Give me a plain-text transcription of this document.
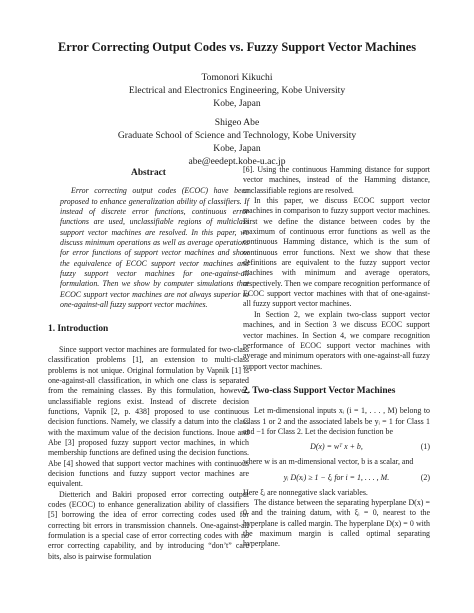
Error Correcting Output Codes vs. Fuzzy Support Vector Machines
Tomonori Kikuchi
Electrical and Electronics Engineering, Kobe University
Kobe, Japan
Shigeo Abe
Graduate School of Science and Technology, Kobe University
Kobe, Japan
abe@eedept.kobe-u.ac.jp
Abstract

Error correcting output codes (ECOC) have been proposed to enhance generalization ability of classifiers. If instead of discrete error functions, continuous error functions are used, unclassifiable regions of multiclass support vector machines are resolved. In this paper, we discuss minimum operations as well as average operations for error functions of support vector machines and show the equivalence of ECOC support vector machines and fuzzy support vector machines for one-against-all formulation. Then we show by computer simulations that ECOC support vector machines are not always superior to one-against-all fuzzy support vector machines.

1. Introduction

Since support vector machines are formulated for two-class classification problems [1], an extension to multi-class problems is not unique. Original formulation by Vapnik [1] is one-against-all classification, in which one class is separated from the remaining classes. By this formulation, however, unclassifiable regions exist. Instead of discrete decision functions, Vapnik [2, p. 438] proposed to use continuous decision functions. Namely, we classify a datum into the class with the maximum value of the decision functions. Inoue and Abe [3] proposed fuzzy support vector machines, in which membership functions are defined using the decision functions. Abe [4] showed that support vector machines with continuous decision functions and fuzzy support vector machines are equivalent.

Dietterich and Bakiri proposed error correcting output codes (ECOC) to enhance generalization ability of classifiers [5] borrowing the idea of error correcting codes used for correcting bit errors in transmission channels. One-against-all formulation is a special case of error correcting codes with no error correcting capability, and by introducing “don’t” care bits, also is pairwise formulation

[6]. Using the continuous Hamming distance for support vector machines, instead of the Hamming distance, unclassifiable regions are resolved.

In this paper, we discuss ECOC support vector machines in comparison to fuzzy support vector machines. First we define the distance between codes by the maximum of continuous error functions as well as the continuous Hamming distance, which is the sum of continuous error functions. Next we show that these definitions are equivalent to the fuzzy support vector machines with minimum and average operators, respectively. Then we compare recognition performance of ECOC support vector machines with that of one-against-all fuzzy support vector machines.

In Section 2, we explain two-class support vector machines, and in Section 3 we discuss ECOC support vector machines. In Section 4, we compare recognition performance of ECOC support vector machines with average and minimum operators with one-against-all fuzzy support vector machines.

2. Two-class Support Vector Machines

Let m-dimensional inputs xᵢ (i = 1, . . . , M) belong to Class 1 or 2 and the associated labels be yᵢ = 1 for Class 1 and −1 for Class 2. Let the decision function be

D(x) = wᵀ x + b,	(1)

where w is an m-dimensional vector, b is a scalar, and

yᵢ D(xᵢ) ≥ 1 − ξᵢ for i = 1, . . . , M.	(2)

Here ξᵢ are nonnegative slack variables.

The distance between the separating hyperplane D(x) = 0 and the training datum, with ξᵢ = 0, nearest to the hyperplane is called margin. The hyperplane D(x) = 0 with the maximum margin is called optimal separating hyperplane.
